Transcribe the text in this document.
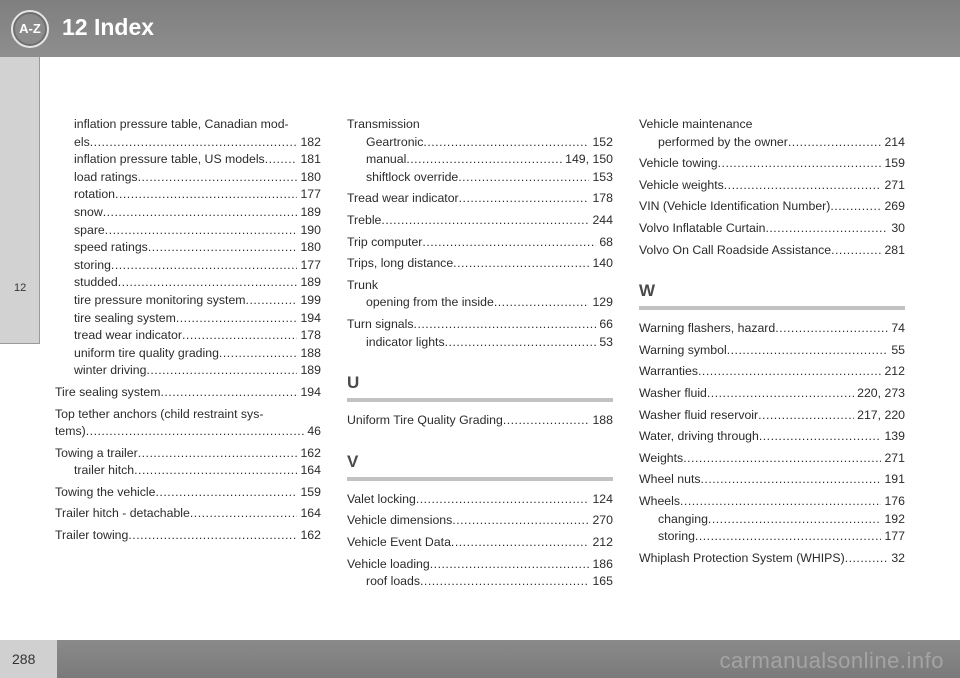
A-Z 12 Index
12
inflation pressure table, Canadian mod-
els .....	182
inflation pressure table, US models .....	181
load ratings .....	180
rotation .....	177
snow .....	189
spare .....	190
speed ratings .....	180
storing .....	177
studded .....	189
tire pressure monitoring system .....	199
tire sealing system .....	194
tread wear indicator .....	178
uniform tire quality grading .....	188
winter driving .....	189
Tire sealing system .....	194
Top tether anchors (child restraint sys-
tems) .....	46
Towing a trailer .....	162
trailer hitch .....	164
Towing the vehicle .....	159
Trailer hitch - detachable .....	164
Trailer towing .....	162
Transmission
Geartronic .....	152
manual .....	149, 150
shiftlock override .....	153
Tread wear indicator .....	178
Treble .....	244
Trip computer .....	68
Trips, long distance .....	140
Trunk
opening from the inside .....	129
Turn signals .....	66
indicator lights .....	53
U
Uniform Tire Quality Grading .....	188
V
Valet locking .....	124
Vehicle dimensions .....	270
Vehicle Event Data .....	212
Vehicle loading .....	186
roof loads .....	165
Vehicle maintenance
performed by the owner .....	214
Vehicle towing .....	159
Vehicle weights .....	271
VIN (Vehicle Identification Number) .....	269
Volvo Inflatable Curtain .....	30
Volvo On Call Roadside Assistance .....	281
W
Warning flashers, hazard .....	74
Warning symbol .....	55
Warranties .....	212
Washer fluid .....	220, 273
Washer fluid reservoir .....	217, 220
Water, driving through .....	139
Weights .....	271
Wheel nuts .....	191
Wheels .....	176
changing .....	192
storing .....	177
Whiplash Protection System (WHIPS) .....	32
288	carmanualsonline.info
